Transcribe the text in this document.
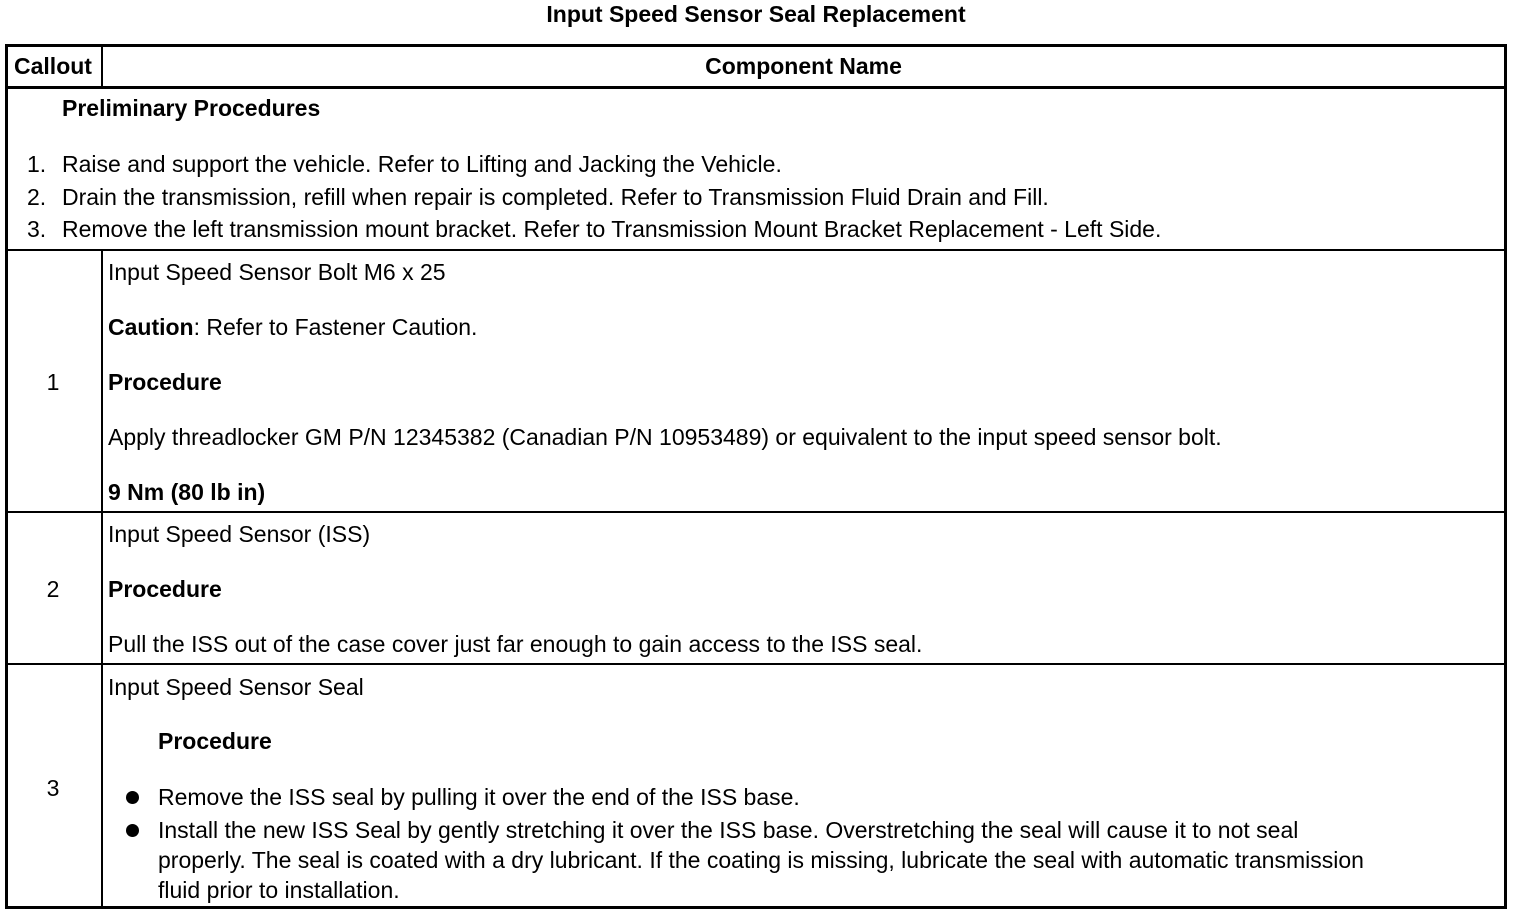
Input Speed Sensor Seal Replacement
Callout	Component Name
Preliminary Procedures
1. Raise and support the vehicle. Refer to Lifting and Jacking the Vehicle.
2. Drain the transmission, refill when repair is completed. Refer to Transmission Fluid Drain and Fill.
3. Remove the left transmission mount bracket. Refer to Transmission Mount Bracket Replacement - Left Side.
1
Input Speed Sensor Bolt M6 x 25
Caution: Refer to Fastener Caution.
Procedure
Apply threadlocker GM P/N 12345382 (Canadian P/N 10953489) or equivalent to the input speed sensor bolt.
9 Nm (80 lb in)
2
Input Speed Sensor (ISS)
Procedure
Pull the ISS out of the case cover just far enough to gain access to the ISS seal.
3
Input Speed Sensor Seal
Procedure
Remove the ISS seal by pulling it over the end of the ISS base.
Install the new ISS Seal by gently stretching it over the ISS base. Overstretching the seal will cause it to not seal
properly. The seal is coated with a dry lubricant. If the coating is missing, lubricate the seal with automatic transmission
fluid prior to installation.
